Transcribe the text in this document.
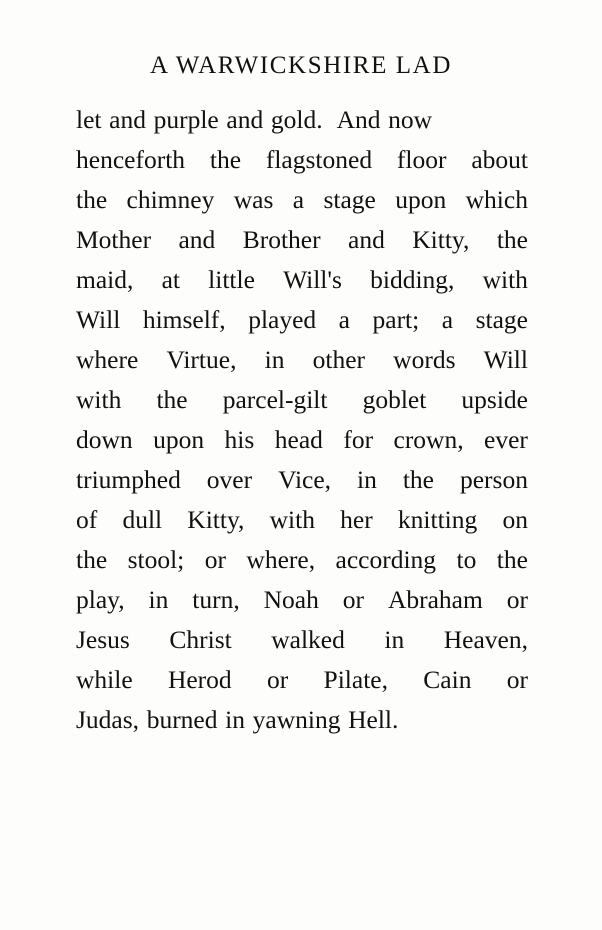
A WARWICKSHIRE LAD
let and purple and gold. And now
henceforth the flagstoned floor about
the chimney was a stage upon which
Mother and Brother and Kitty, the
maid, at little Will's bidding, with
Will himself, played a part; a stage
where Virtue, in other words Will
with the parcel-gilt goblet upside
down upon his head for crown, ever
triumphed over Vice, in the person
of dull Kitty, with her knitting on
the stool; or where, according to the
play, in turn, Noah or Abraham or
Jesus Christ walked in Heaven,
while Herod or Pilate, Cain or
Judas, burned in yawning Hell.
